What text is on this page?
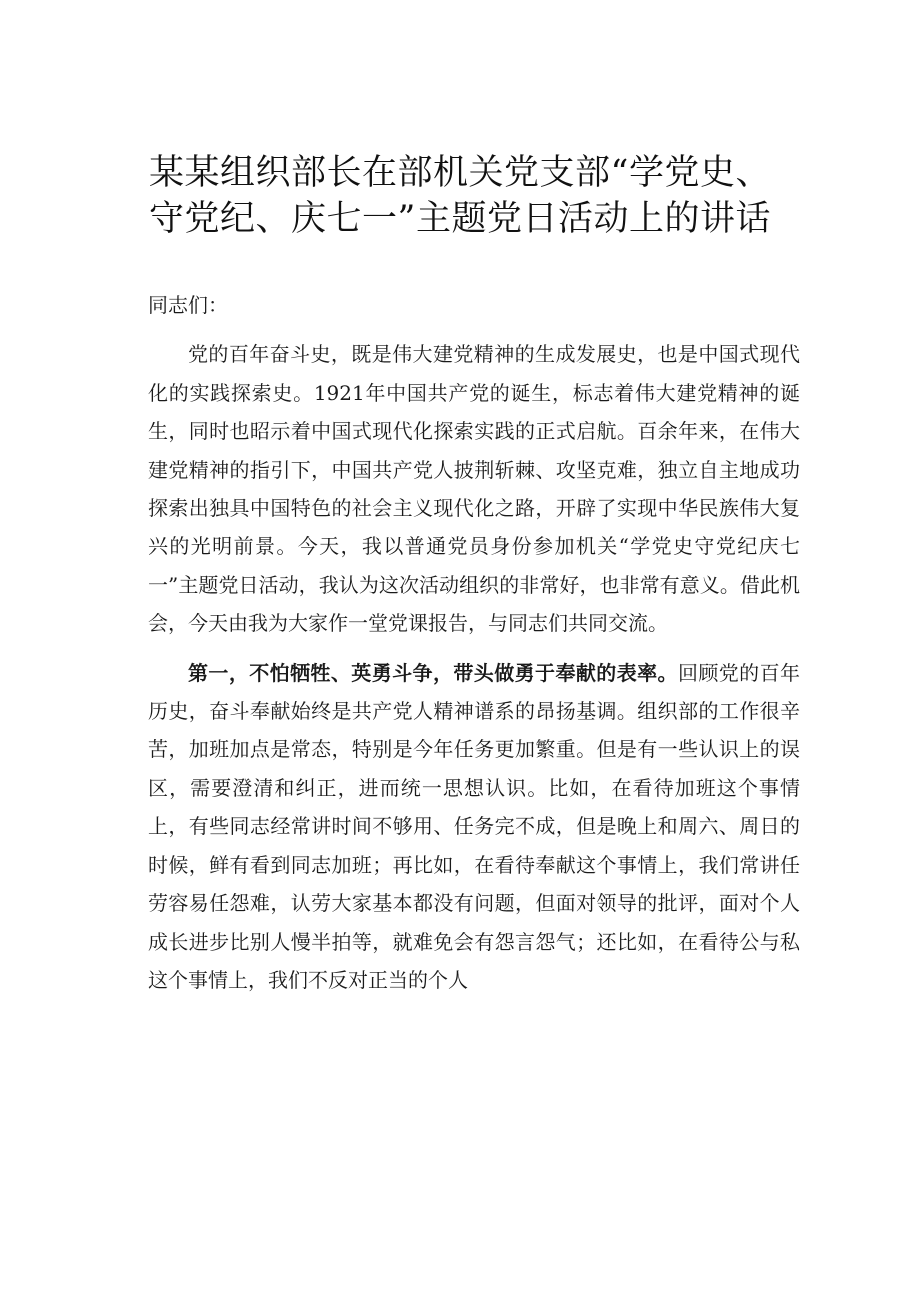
某某组织部长在部机关党支部“学党史、
守党纪、庆七一”主题党日活动上的讲话

同志们：

党的百年奋斗史，既是伟大建党精神的生成发展史，也是中国式现代化的实践探索史。1921年中国共产党的诞生，标志着伟大建党精神的诞生，同时也昭示着中国式现代化探索实践的正式启航。百余年来，在伟大建党精神的指引下，中国共产党人披荆斩棘、攻坚克难，独立自主地成功探索出独具中国特色的社会主义现代化之路，开辟了实现中华民族伟大复兴的光明前景。今天，我以普通党员身份参加机关“学党史守党纪庆七一”主题党日活动，我认为这次活动组织的非常好，也非常有意义。借此机会，今天由我为大家作一堂党课报告，与同志们共同交流。

第一，不怕牺牲、英勇斗争，带头做勇于奉献的表率。回顾党的百年历史，奋斗奉献始终是共产党人精神谱系的昂扬基调。组织部的工作很辛苦，加班加点是常态，特别是今年任务更加繁重。但是有一些认识上的误区，需要澄清和纠正，进而统一思想认识。比如，在看待加班这个事情上，有些同志经常讲时间不够用、任务完不成，但是晚上和周六、周日的时候，鲜有看到同志加班；再比如，在看待奉献这个事情上，我们常讲任劳容易任怨难，认劳大家基本都没有问题，但面对领导的批评，面对个人成长进步比别人慢半拍等，就难免会有怨言怨气；还比如，在看待公与私这个事情上，我们不反对正当的个人
